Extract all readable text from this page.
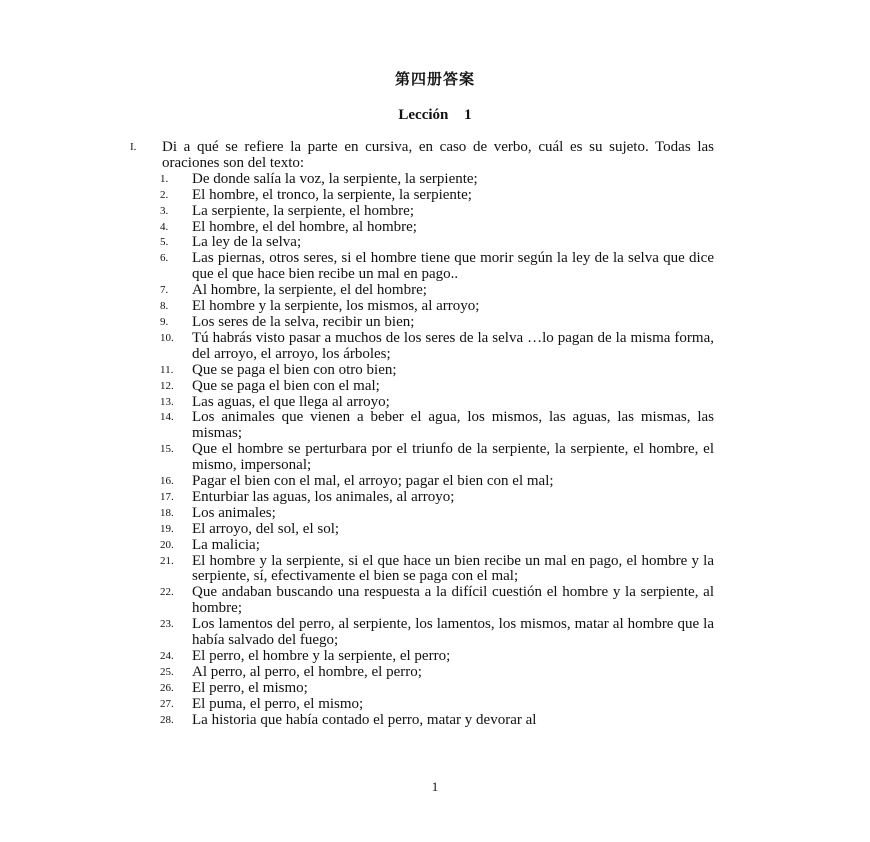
第四册答案
Lección 1
I.	Di a qué se refiere la parte en cursiva, en caso de verbo, cuál es su sujeto. Todas las oraciones son del texto:
1.	De donde salía la voz, la serpiente, la serpiente;
2.	El hombre, el tronco, la serpiente, la serpiente;
3.	La serpiente, la serpiente, el hombre;
4.	El hombre, el del hombre, al hombre;
5.	La ley de la selva;
6.	Las piernas, otros seres, si el hombre tiene que morir según la ley de la selva que dice que el que hace bien recibe un mal en pago..
7.	Al hombre, la serpiente, el del hombre;
8.	El hombre y la serpiente, los mismos, al arroyo;
9.	Los seres de la selva, recibir un bien;
10.	Tú habrás visto pasar a muchos de los seres de la selva …lo pagan de la misma forma, del arroyo, el arroyo, los árboles;
11.	Que se paga el bien con otro bien;
12.	Que se paga el bien con el mal;
13.	Las aguas, el que llega al arroyo;
14.	Los animales que vienen a beber el agua, los mismos, las aguas, las mismas, las mismas;
15.	Que el hombre se perturbara por el triunfo de la serpiente, la serpiente, el hombre, el mismo, impersonal;
16.	Pagar el bien con el mal, el arroyo; pagar el bien con el mal;
17.	Enturbiar las aguas, los animales, al arroyo;
18.	Los animales;
19.	El arroyo, del sol, el sol;
20.	La malicia;
21.	El hombre y la serpiente, si el que hace un bien recibe un mal en pago, el hombre y la serpiente, sí, efectivamente el bien se paga con el mal;
22.	Que andaban buscando una respuesta a la difícil cuestión el hombre y la serpiente, al hombre;
23.	Los lamentos del perro, al serpiente, los lamentos, los mismos, matar al hombre que la había salvado del fuego;
24.	El perro, el hombre y la serpiente, el perro;
25.	Al perro, al perro, el hombre, el perro;
26.	El perro, el mismo;
27.	El puma, el perro, el mismo;
28.	La historia que había contado el perro, matar y devorar al
1
